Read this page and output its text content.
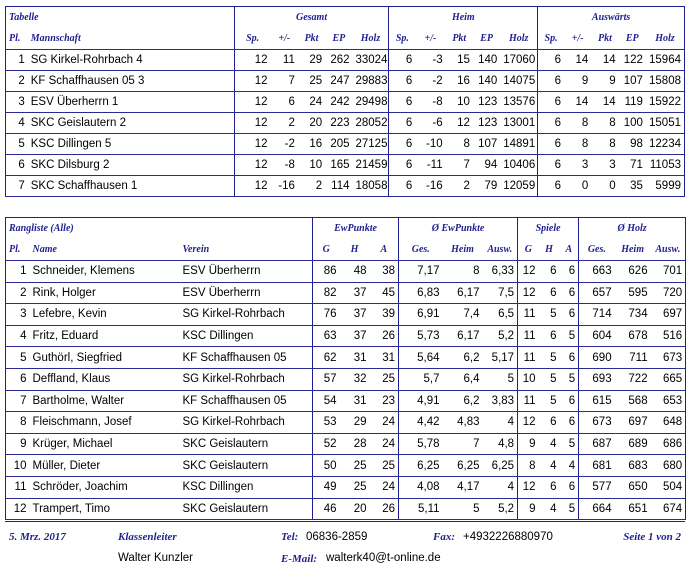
Tabelle		Gesamt					Heim					Auswärts				
Pl.	Mannschaft	Sp.	+/-	Pkt	EP	Holz	Sp.	+/-	Pkt	EP	Holz	Sp.	+/-	Pkt	EP	Holz
1	SG Kirkel-Rohrbach 4	12	11	29	262	33024	6	-3	15	140	17060	6	14	14	122	15964
2	KF Schaffhausen 05 3	12	7	25	247	29883	6	-2	16	140	14075	6	9	9	107	15808
3	ESV Überherrn 1	12	6	24	242	29498	6	-8	10	123	13576	6	14	14	119	15922
4	SKC Geislautern 2	12	2	20	223	28052	6	-6	12	123	13001	6	8	8	100	15051
5	KSC Dillingen 5	12	-2	16	205	27125	6	-10	8	107	14891	6	8	8	98	12234
6	SKC Dilsburg 2	12	-8	10	165	21459	6	-11	7	94	10406	6	3	3	71	11053
7	SKC Schaffhausen 1	12	-16	2	114	18058	6	-16	2	79	12059	6	0	0	35	5999
Rangliste (Alle)			EwPunkte			Ø EwPunkte			Spiele			Ø Holz		
Pl.	Name	Verein	G	H	A	Ges.	Heim	Ausw.	G	H	A	Ges.	Heim	Ausw.
1	Schneider, Klemens	ESV Überherrn	86	48	38	7,17	8	6,33	12	6	6	663	626	701
2	Rink, Holger	ESV Überherrn	82	37	45	6,83	6,17	7,5	12	6	6	657	595	720
3	Lefebre, Kevin	SG Kirkel-Rohrbach	76	37	39	6,91	7,4	6,5	11	5	6	714	734	697
4	Fritz, Eduard	KSC Dillingen	63	37	26	5,73	6,17	5,2	11	6	5	604	678	516
5	Guthörl, Siegfried	KF Schaffhausen 05	62	31	31	5,64	6,2	5,17	11	5	6	690	711	673
6	Deffland, Klaus	SG Kirkel-Rohrbach	57	32	25	5,7	6,4	5	10	5	5	693	722	665
7	Bartholme, Walter	KF Schaffhausen 05	54	31	23	4,91	6,2	3,83	11	5	6	615	568	653
8	Fleischmann, Josef	SG Kirkel-Rohrbach	53	29	24	4,42	4,83	4	12	6	6	673	697	648
9	Krüger, Michael	SKC Geislautern	52	28	24	5,78	7	4,8	9	4	5	687	689	686
10	Müller, Dieter	SKC Geislautern	50	25	25	6,25	6,25	6,25	8	4	4	681	683	680
11	Schröder, Joachim	KSC Dillingen	49	25	24	4,08	4,17	4	12	6	6	577	650	504
12	Trampert, Timo	SKC Geislautern	46	20	26	5,11	5	5,2	9	4	5	664	651	674
5. Mrz. 2017	Klassenleiter
Walter Kunzler
Tel: 06836-2859
E-Mail: walterk40@t-online.de
Fax: +4932226880970	Seite 1 von 2
